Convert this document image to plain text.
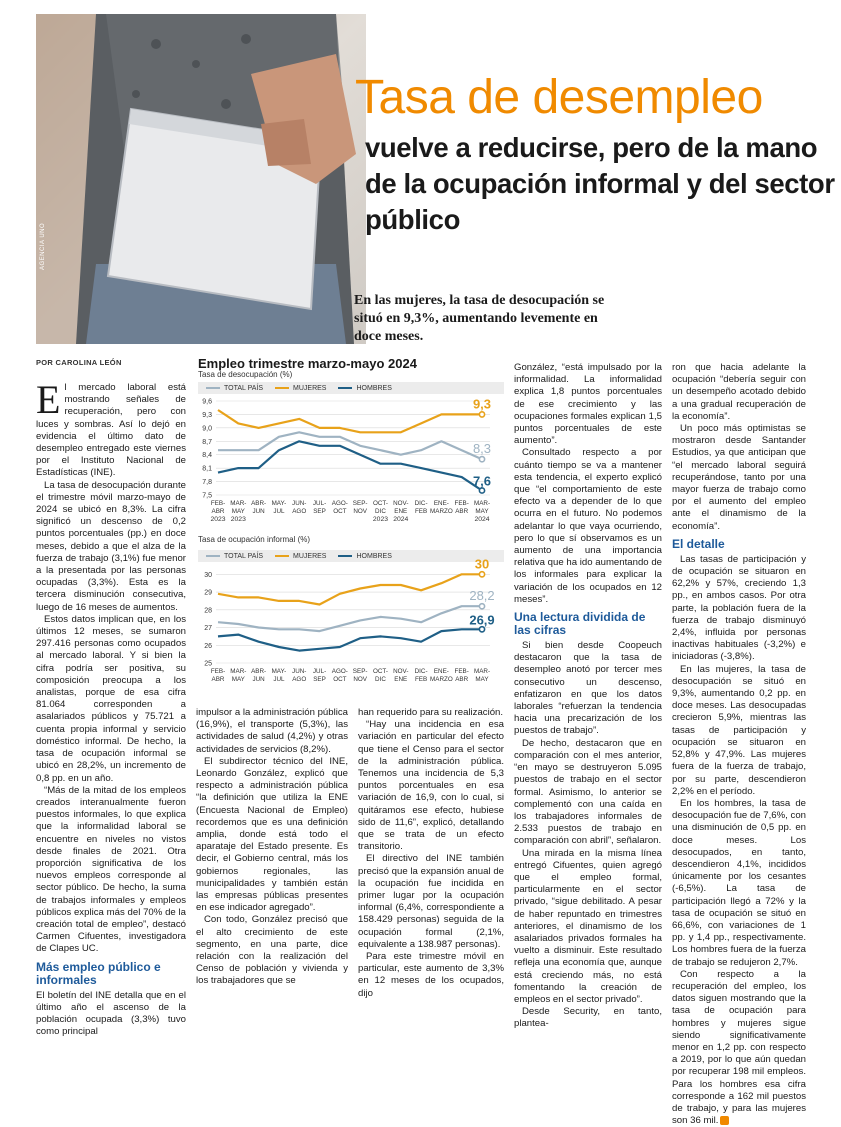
AGENCIA UNO
Tasa de desempleo
vuelve a reducirse, pero de la mano de la ocupación informal y del sector público

En las mujeres, la tasa de desocupación se situó en 9,3%, aumentando levemente en doce meses.

POR CAROLINA LEÓN

El mercado laboral está mostrando señales de recuperación, pero con luces y sombras. Así lo dejó en evidencia el último dato de desempleo entregado este viernes por el Instituto Nacional de Estadísticas (INE).

La tasa de desocupación durante el trimestre móvil marzo-mayo de 2024 se ubicó en 8,3%. La cifra significó un descenso de 0,2 puntos porcentuales (pp.) en doce meses, debido a que el alza de la fuerza de trabajo (3,1%) fue menor a la presentada por las personas ocupadas (3,3%). Esta es la tercera disminución consecutiva, luego de 16 meses de aumentos.

Estos datos implican que, en los últimos 12 meses, se sumaron 297.416 personas como ocupados al mercado laboral. Y si bien la cifra podría ser positiva, su composición preocupa a los analistas, porque de esa cifra 81.064 corresponden a asalariados públicos y 75.721 a cuenta propia informal y servicio doméstico informal. De hecho, la tasa de ocupación informal se ubicó en 28,2%, un incremento de 0,8 pp. en un año.

“Más de la mitad de los empleos creados interanualmente fueron puestos informales, lo que explica que la informalidad laboral se encuentre en niveles no vistos desde finales de 2021. Otra proporción significativa de los nuevos empleos corresponde al sector público. De hecho, la suma de trabajos informales y empleos públicos explica más del 70% de la creación total de empleo”, destacó Carmen Cifuentes, investigadora de Clapes UC.

Más empleo público e informales

El boletín del INE detalla que en el último año el ascenso de la población ocupada (3,3%) tuvo como principal

Empleo trimestre marzo-mayo 2024
Tasa de desocupación (%)
TOTAL PAÍS	MUJERES	HOMBRES
7,5
7,8
8,1
8,4
8,7
9,0
9,3
9,6
FEB-
ABR
2023
MAR-
MAY
2023
ABR-
JUN
MAY-
JUL
JUN-
AGO
JUL-
SEP
AGO-
OCT
SEP-
NOV
OCT-
DIC
2023
NOV-
ENE
2024
DIC-
FEB
ENE-
MARZO
FEB-
ABR
MAR-
MAY
2024
8,3
9,3
7,6
Tasa de ocupación informal (%)
TOTAL PAÍS	MUJERES	HOMBRES
25
26
27
28
29
30
FEB-
ABR
MAR-
MAY
ABR-
JUN
MAY-
JUL
JUN-
AGO
JUL-
SEP
AGO-
OCT
SEP-
NOV
OCT-
DIC
NOV-
ENE
DIC-
FEB
ENE-
MARZO
FEB-
ABR
MAR-
MAY
28,2
30
26,9

impulsor a la administración pública (16,9%), el transporte (5,3%), las actividades de salud (4,2%) y otras actividades de servicios (8,2%).

El subdirector técnico del INE, Leonardo González, explicó que respecto a administración pública “la definición que utiliza la ENE (Encuesta Nacional de Empleo) recordemos que es una definición amplia, donde está todo el aparataje del Estado presente. Es decir, el Gobierno central, más los gobiernos regionales, las municipalidades y también están las empresas públicas presentes en ese indicador agregado”.

Con todo, González precisó que el alto crecimiento de este segmento, en una parte, dice relación con la realización del Censo de población y vivienda y los trabajadores que se

han requerido para su realización.

“Hay una incidencia en esa variación en particular del efecto que tiene el Censo para el sector de la administración pública. Tenemos una incidencia de 5,3 puntos porcentuales en esa variación de 16,9, con lo cual, si quitáramos ese efecto, hubiese sido de 11,6”, explicó, detallando que se trata de un efecto transitorio.

El directivo del INE también precisó que la expansión anual de la ocupación fue incidida en primer lugar por la ocupación informal (6,4%, correspondiente a 158.429 personas) seguida de la ocupación formal (2,1%, equivalente a 138.987 personas).

Para este trimestre móvil en particular, este aumento de 3,3% en 12 meses de los ocupados, dijo

González, “está impulsado por la informalidad. La informalidad explica 1,8 puntos porcentuales de ese crecimiento y las ocupaciones formales explican 1,5 puntos porcentuales de este aumento”.

Consultado respecto a por cuánto tiempo se va a mantener esta tendencia, el experto explicó que “el comportamiento de este efecto va a depender de lo que ocurra en el futuro. No podemos adelantar lo que vaya ocurriendo, pero lo que sí observamos es un aumento de una importancia relativa que ha ido aumentando de los informales para explicar la variación de los ocupados en 12 meses”.

Una lectura dividida de las cifras

Si bien desde Coopeuch destacaron que la tasa de desempleo anotó por tercer mes consecutivo un descenso, enfatizaron en que los datos laborales “refuerzan la tendencia hacia una precarización de los puestos de trabajo”.

De hecho, destacaron que en comparación con el mes anterior, “en mayo se destruyeron 5.095 puestos de trabajo en el sector formal. Asimismo, lo anterior se complementó con una caída en los trabajadores informales de 2.533 puestos de trabajo en comparación con abril”, señalaron.

Una mirada en la misma línea entregó Cifuentes, quien agregó que el empleo formal, particularmente en el sector privado, “sigue debilitado. A pesar de haber repuntado en trimestres anteriores, el dinamismo de los asalariados privados formales ha vuelto a disminuir. Este resultado refleja una economía que, aunque está creciendo más, no está fomentando la creación de empleos en el sector privado”.

Desde Security, en tanto, planteа-

ron que hacia adelante la ocupación “debería seguir con un desempeño acotado debido a una gradual recuperación de la economía”.

Un poco más optimistas se mostraron desde Santander Estudios, ya que anticipan que “el mercado laboral seguirá recuperándose, tanto por una mayor fuerza de trabajo como por el aumento del empleo ante el dinamismo de la economía”.

El detalle

Las tasas de participación y de ocupación se situaron en 62,2% y 57%, creciendo 1,3 pp., en ambos casos. Por otra parte, la población fuera de la fuerza de trabajo disminuyó 2,4%, influida por personas inactivas habituales (-3,2%) e iniciadoras (-3,8%).

En las mujeres, la tasa de desocupación se situó en 9,3%, aumentando 0,2 pp. en doce meses. Las desocupadas crecieron 5,9%, mientras las tasas de participación y ocupación se situaron en 52,8% y 47,9%. Las mujeres fuera de la fuerza de trabajo, por su parte, descendieron 2,2% en el período.

En los hombres, la tasa de desocupación fue de 7,6%, con una disminución de 0,5 pp. en doce meses. Los desocupados, en tanto, descendieron 4,1%, incididos únicamente por los cesantes (-6,5%). La tasa de participación llegó a 72% y la tasa de ocupación se situó en 66,6%, con variaciones de 1 pp. y 1,4 pp., respectivamente. Los hombres fuera de la fuerza de trabajo se redujeron 2,7%.

Con respecto a la recuperación del empleo, los datos siguen mostrando que la tasa de ocupación para hombres y mujeres sigue siendo significativamente menor en 1,2 pp. con respecto a 2019, por lo que aún quedan por recuperar 198 mil empleos. Para los hombres esa cifra corresponde a 162 mil puestos de trabajo, y para las mujeres son 36 mil.
